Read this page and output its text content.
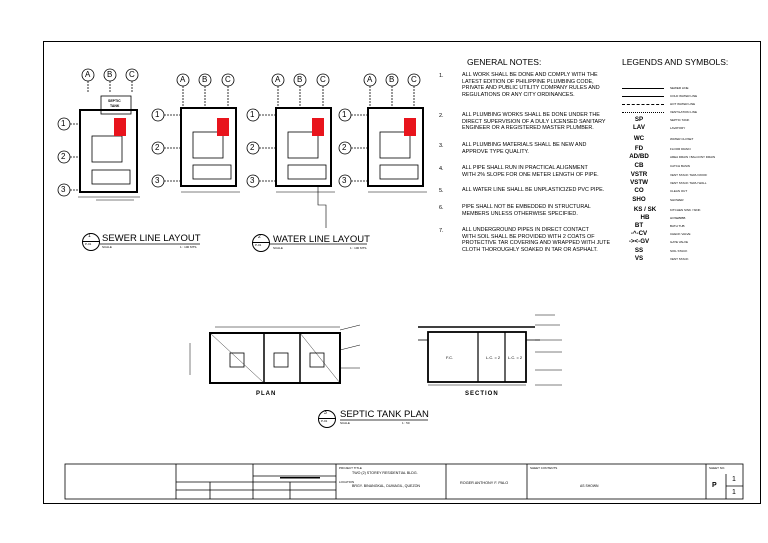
A B C
A B C	A B C	A B C
1
2
3
1
2
3
1
2
3
1
2
3
SEPTIC
TANK
1
P-01 SEWER LINE LAYOUT
SCALE	1 : 100 MTS.
2
P-01 WATER LINE LAYOUT
SCALE	1 : 100 MTS.
3
P-01
SEPTIC TANK PLAN
SCALE	1 : 50
PLAN	SECTION
F.C.	L.C. = 2 L.C. = 2
GENERAL NOTES:
1.	ALL WORK SHALL BE DONE AND COMPLY WITH THE
LATEST EDITION OF PHILIPPINE PLUMBING CODE,
PRIVATE AND PUBLIC UTILITY COMPANY RULES AND
REGULATIONS OR ANY CITY ORDINANCES.
2.	ALL PLUMBING WORKS SHALL BE DONE UNDER THE
DIRECT SUPERVISION OF A DULY LICENSED SANITARY
ENGINEER OR A REGISTERED MASTER PLUMBER.
3.	ALL PLUMBING MATERIALS SHALL BE NEW AND
APPROVE TYPE QUALITY.
4.	ALL PIPE SHALL RUN IN PRACTICAL ALIGNMENT
WITH 2% SLOPE FOR ONE METER LENGTH OF PIPE.
5.	ALL WATER LINE SHALL BE UNPLASTICIZED PVC PIPE.
6.	PIPE SHALL NOT BE EMBEDDED IN STRUCTURAL
MEMBERS UNLESS OTHERWISE SPECIFIED.
7.	ALL UNDERGROUND PIPES IN DIRECT CONTACT
WITH SOIL SHALL BE PROVIDED WITH 2 COATS OF
PROTECTIVE TAR COVERING AND WRAPPED WITH JUTE
CLOTH THOROUGHLY SOAKED IN TAR OR ASPHALT.
LEGENDS AND SYMBOLS:
SEWER LINE
COLD WATER LINE
HOT WATER LINE
VENTILATION LINE
SP	SEPTIC TANK
LAV	LAVATORY
WC	WATER CLOSET
FD	FLOOR DRAIN
AD/BD	AREA DRAIN / BALCONY DRAIN
CB	CATCH BASIN
VSTR	VENT STACK THRU ROOF
VSTW	VENT STACK THRU WALL
CO	CLEAN OUT
SHO	SHOWER
KS / SK	KITCHEN SINK / SINK
HB	HOSEBIBB
BT	BATH TUB
-^-CV	CHECK VALVE
-><-GV	GATE VALVE
SS	SOIL STACK
VS	VENT STACK
PROJECT TITLE
TWO (2) STOREY RESIDENTIAL BLDG.
LOCATION
BRGY. BINANGKAL, DUMAGIL, QUEZON
ROGER ANTHONY F. PALO
SHEET CONTENTS
AS SHOWN
SHEET NO.
P
1
1
